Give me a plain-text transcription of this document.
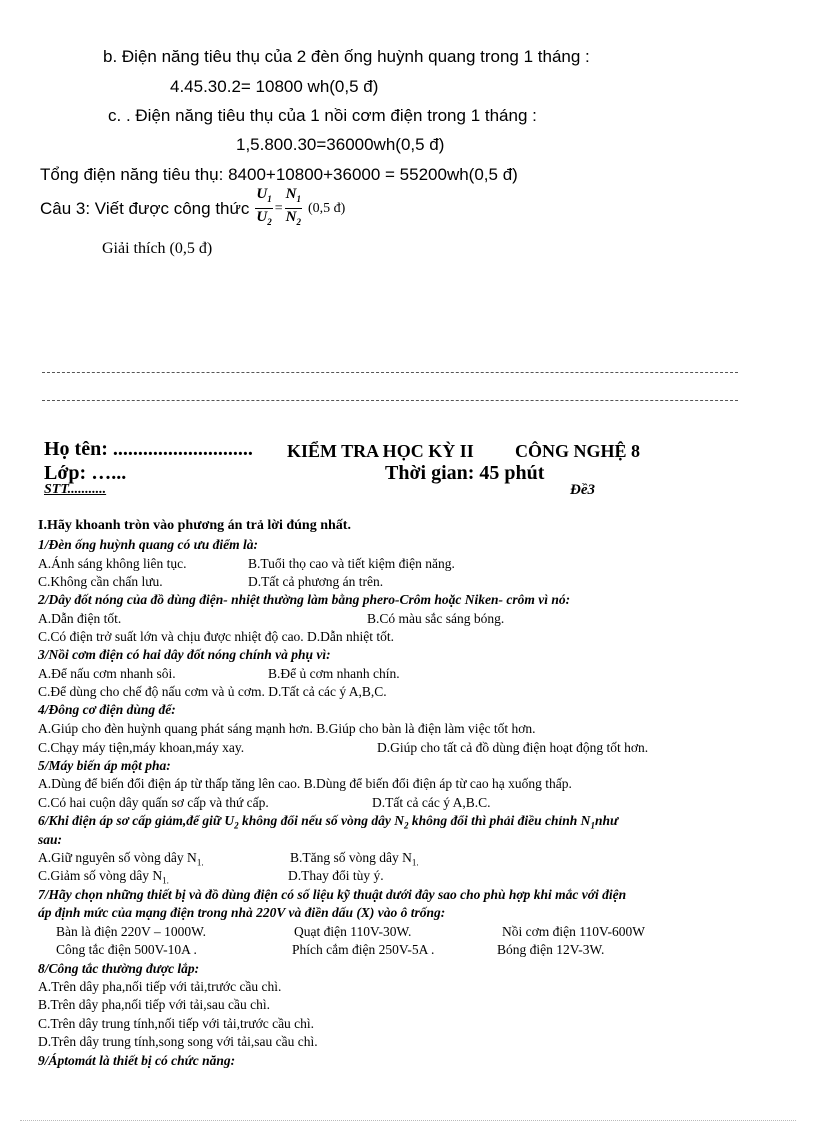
b. Điện năng tiêu thụ của 2 đèn ống huỳnh quang trong 1 tháng :
4.45.30.2= 10800 wh(0,5 đ)
c. . Điện năng tiêu thụ của 1 nồi cơm điện trong 1 tháng :
1,5.800.30=36000wh(0,5 đ)
Tổng điện năng tiêu thụ: 8400+10800+36000 = 55200wh(0,5 đ)
Câu 3: Viết được công thức $\frac{U_1}{U_2} = \frac{N_1}{N_2} (0,5$ đ)
Giải thích (0,5 đ)
Họ tên: ............................ KIỂM TRA HỌC KỲ II CÔNG NGHỆ 8
Lớp: …...	Thời gian: 45 phút
STT...........	Đề3
I.Hãy khoanh tròn vào phương án trả lời đúng nhất.
1/Đèn ống huỳnh quang có ưu điểm là:
A.Ánh sáng không liên tục.	B.Tuổi thọ cao và tiết kiệm điện năng.
C.Không cần chấn lưu.	D.Tất cả phương án trên.
2/Dây đốt nóng của đồ dùng điện- nhiệt thường làm bằng phero-Crôm hoặc Niken- crôm vì nó:
A.Dẫn điện tốt.	B.Có màu sắc sáng bóng.
C.Có điện trở suất lớn và chịu được nhiệt độ cao. D.Dẫn nhiệt tốt.
3/Nồi cơm điện có hai dây đốt nóng chính và phụ vì:
A.Để nấu cơm nhanh sôi.	B.Để ủ cơm nhanh chín.
C.Để dùng cho chế độ nấu cơm và ủ cơm. D.Tất cả các ý A,B,C.
4/Đông cơ điện dùng để:
A.Giúp cho đèn huỳnh quang phát sáng mạnh hơn. B.Giúp cho bàn là điện làm việc tốt hơn.
C.Chạy máy tiện,máy khoan,máy xay.	D.Giúp cho tất cả đồ dùng điện hoạt động tốt hơn.
5/Máy biến áp một pha:
A.Dùng để biến đổi điện áp từ thấp tăng lên cao. B.Dùng để biến đổi điện áp từ cao hạ xuống thấp.
C.Có hai cuộn dây quấn sơ cấp và thứ cấp.	D.Tất cả các ý A,B.C.
6/Khi điện áp sơ cấp giảm,để giữ $U_2$ không đổi nếu số vòng dây $N_2$ không đổi thì phải điều chỉnh $N_1như$
sau:
A.Giữ nguyên số vòng dây $N_{1.}$	B.Tăng số vòng dây $N_{1.}$
C.Giảm số vòng dây $N_{1.}$	D.Thay đổi tùy ý.
7/Hãy chọn những thiết bị và đồ dùng điện có số liệu kỹ thuật dưới đây sao cho phù hợp khi mắc với điện
áp định mức của mạng điện trong nhà 220V và điền dấu (X) vào ô trống:
Bàn là điện 220V – 1000W.	Quạt điện 110V-30W.	Nồi cơm điện 110V-600W
Công tắc điện 500V-10A .	Phích cắm điện 250V-5A .	Bóng điện 12V-3W.
8/Công tắc thường được lắp:
A.Trên dây pha,nối tiếp với tải,trước cầu chì.
B.Trên dây pha,nối tiếp với tải,sau cầu chì.
C.Trên dây trung tính,nối tiếp với tải,trước cầu chì.
D.Trên dây trung tính,song song với tải,sau cầu chì.
9/Áptomát là thiết bị có chức năng:
